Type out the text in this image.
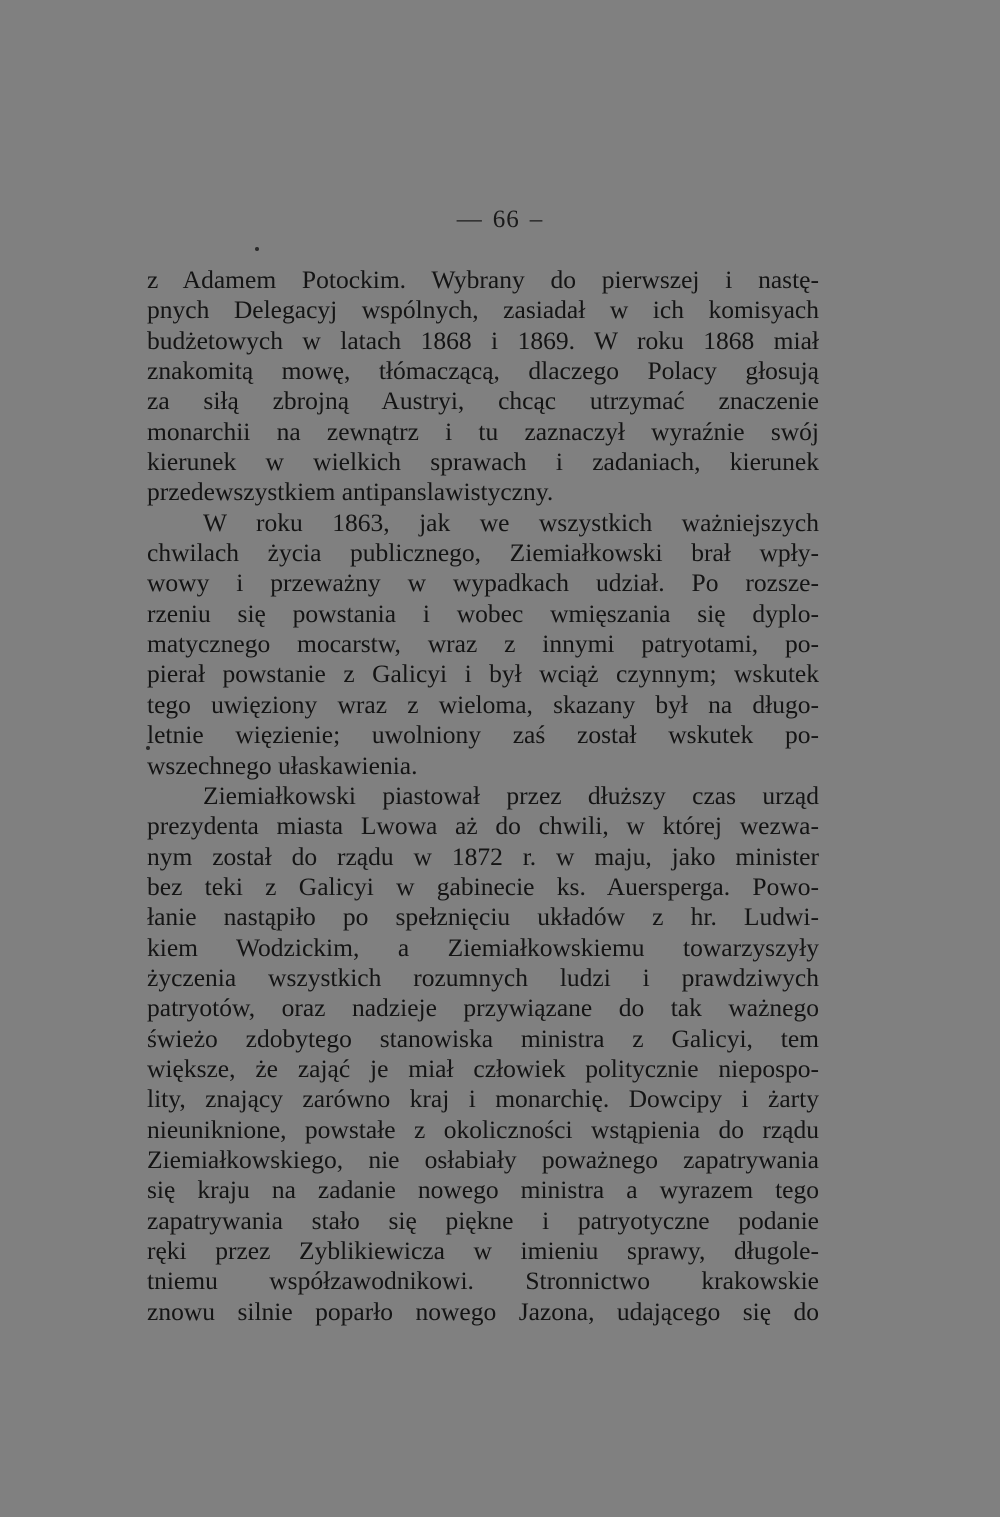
— 66 –
z Adamem Potockim. Wybrany do pierwszej i nastę-
pnych Delegacyj wspólnych, zasiadał w ich komisyach
budżetowych w latach 1868 i 1869. W roku 1868 miał
znakomitą mowę, tłómaczącą, dlaczego Polacy głosują
za siłą zbrojną Austryi, chcąc utrzymać znaczenie
monarchii na zewnątrz i tu zaznaczył wyraźnie swój
kierunek w wielkich sprawach i zadaniach, kierunek
przedewszystkiem antipanslawistyczny.
W roku 1863, jak we wszystkich ważniejszych
chwilach życia publicznego, Ziemiałkowski brał wpły-
wowy i przeważny w wypadkach udział. Po rozsze-
rzeniu się powstania i wobec wmięszania się dyplo-
matycznego mocarstw, wraz z innymi patryotami, po-
pierał powstanie z Galicyi i był wciąż czynnym; wskutek
tego uwięziony wraz z wieloma, skazany był na długo-
letnie więzienie; uwolniony zaś został wskutek po-
wszechnego ułaskawienia.
Ziemiałkowski piastował przez dłuższy czas urząd
prezydenta miasta Lwowa aż do chwili, w której wezwa-
nym został do rządu w 1872 r. w maju, jako minister
bez teki z Galicyi w gabinecie ks. Auersperga. Powo-
łanie nastąpiło po spełznięciu układów z hr. Ludwi-
kiem Wodzickim, a Ziemiałkowskiemu towarzyszyły
życzenia wszystkich rozumnych ludzi i prawdziwych
patryotów, oraz nadzieje przywiązane do tak ważnego
świeżo zdobytego stanowiska ministra z Galicyi, tem
większe, że zająć je miał człowiek politycznie niepospo-
lity, znający zarówno kraj i monarchię. Dowcipy i żarty
nieuniknione, powstałe z okoliczności wstąpienia do rządu
Ziemiałkowskiego, nie osłabiały poważnego zapatrywania
się kraju na zadanie nowego ministra a wyrazem tego
zapatrywania stało się piękne i patryotyczne podanie
ręki przez Zyblikiewicza w imieniu sprawy, długole-
tniemu współzawodnikowi. Stronnictwo krakowskie
znowu silnie poparło nowego Jazona, udającego się do
